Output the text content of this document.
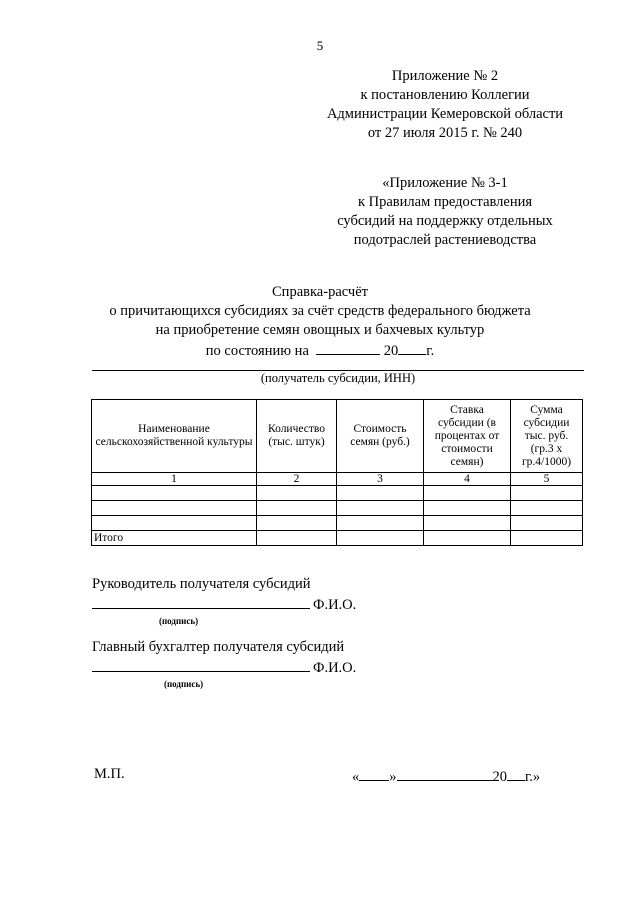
5
Приложение № 2
к постановлению Коллегии
Администрации Кемеровской области
от 27 июля 2015 г. № 240
«Приложение № 3-1
к Правилам предоставления
субсидий на поддержку отдельных
подотраслей растениеводства
Справка-расчёт
о причитающихся субсидиях за счёт средств федерального бюджета
на приобретение семян овощных и бахчевых культур
по состоянию на	20 г.
(получатель субсидии, ИНН)
Наименование сельскохозяйственной культуры	Количество (тыс. штук)	Стоимость семян (руб.)	Ставка субсидии (в процентах от стоимости семян)	Сумма субсидии тыс. руб. (гр.3 х гр.4/1000)
1	2	3	4	5

Итого				
Руководитель получателя субсидий
Ф.И.О.
(подпись)
Главный бухгалтер получателя субсидий
Ф.И.О.
(подпись)
М.П.	« »	20 г.»
